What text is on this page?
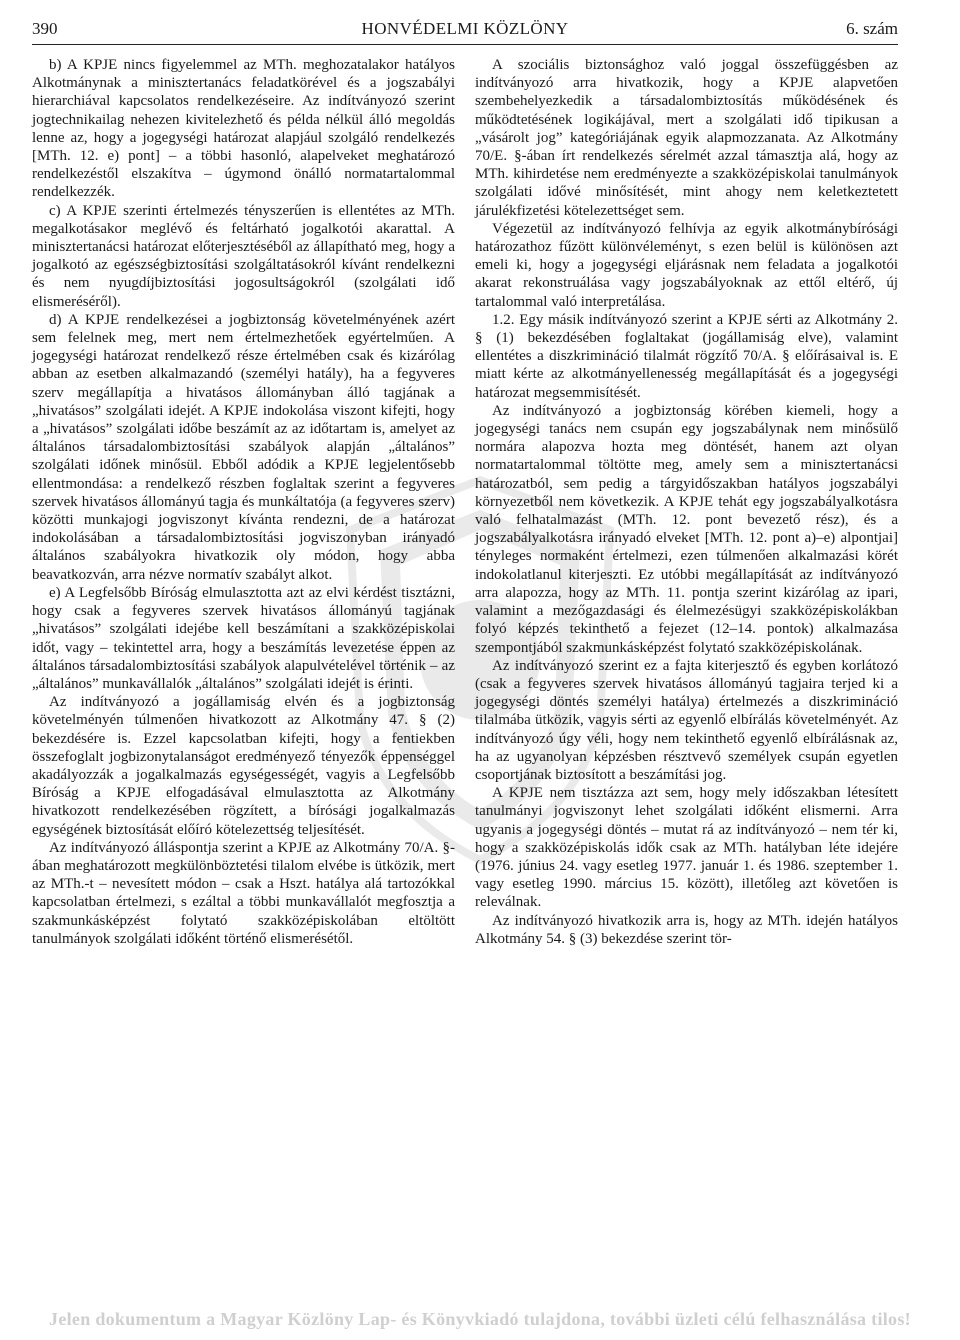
390	HONVÉDELMI KÖZLÖNY	6. szám

b) A KPJE nincs figyelemmel az MTh. meghozatalakor hatályos Alkotmánynak a minisztertanács feladatkörével és a jogszabályi hierarchiával kapcsolatos rendelkezéseire. Az indítványozó szerint jogtechnikailag nehezen kivitelezhető és példa nélkül álló megoldás lenne az, hogy a jogegységi határozat alapjául szolgáló rendelkezés [MTh. 12. e) pont] – a többi hasonló, alapelveket meghatározó rendelkezéstől elszakítva – úgymond önálló normatartalommal rendelkezzék.

c) A KPJE szerinti értelmezés tényszerűen is ellentétes az MTh. megalkotásakor meglévő és feltárható jogalkotói akarattal. A minisztertanácsi határozat előterjesztéséből az állapítható meg, hogy a jogalkotó az egészségbiztosítási szolgáltatásokról kívánt rendelkezni és nem nyugdíjbiztosítási jogosultságokról (szolgálati idő elismeréséről).

d) A KPJE rendelkezései a jogbiztonság követelményének azért sem felelnek meg, mert nem értelmezhetőek egyértelműen. A jogegységi határozat rendelkező része értelmében csak és kizárólag abban az esetben alkalmazandó (személyi hatály), ha a fegyveres szerv megállapítja a hivatásos állományban álló tagjának a „hivatásos” szolgálati idejét. A KPJE indokolása viszont kifejti, hogy a „hivatásos” szolgálati időbe beszámít az az időtartam is, amelyet az általános társadalombiztosítási szabályok alapján „általános” szolgálati időnek minősül. Ebből adódik a KPJE legjelentősebb ellentmondása: a rendelkező részben foglaltak szerint a fegyveres szervek hivatásos állományú tagja és munkáltatója (a fegyveres szerv) közötti munkajogi jogviszonyt kívánta rendezni, de a határozat indokolásában a társadalombiztosítási jogviszonyban irányadó általános szabályokra hivatkozik oly módon, hogy abba beavatkozván, arra nézve normatív szabályt alkot.

e) A Legfelsőbb Bíróság elmulasztotta azt az elvi kérdést tisztázni, hogy csak a fegyveres szervek hivatásos állományú tagjának „hivatásos” szolgálati idejébe kell beszámítani a szakközépiskolai időt, vagy – tekintettel arra, hogy a beszámítás levezetése éppen az általános társadalombiztosítási szabályok alapulvételével történik – az „általános” munkavállalók „általános” szolgálati idejét is érinti.

Az indítványozó a jogállamiság elvén és a jogbiztonság követelményén túlmenően hivatkozott az Alkotmány 47. § (2) bekezdésére is. Ezzel kapcsolatban kifejti, hogy a fentiekben összefoglalt jogbizonytalanságot eredményező tényezők éppenséggel akadályozzák a jogalkalmazás egységességét, vagyis a Legfelsőbb Bíróság a KPJE elfogadásával elmulasztotta az Alkotmány hivatkozott rendelkezésében rögzített, a bírósági jogalkalmazás egységének biztosítását előíró kötelezettség teljesítését.

Az indítványozó álláspontja szerint a KPJE az Alkotmány 70/A. §-ában meghatározott megkülönböztetési tilalom elvébe is ütközik, mert az MTh.-t – nevesített módon – csak a Hszt. hatálya alá tartozókkal kapcsolatban értelmezi, s ezáltal a többi munkavállalót megfosztja a szakmunkásképzést folytató szakközépiskolában eltöltött tanulmányok szolgálati időként történő elismerésétől.

A szociális biztonsághoz való joggal összefüggésben az indítványozó arra hivatkozik, hogy a KPJE alapvetően szembehelyezkedik a társadalombiztosítás működésének és működtetésének logikájával, mert a szolgálati idő tipikusan a „vásárolt jog” kategóriájának egyik alapmozzanata. Az Alkotmány 70/E. §-ában írt rendelkezés sérelmét azzal támasztja alá, hogy az MTh. kihirdetése nem eredményezte a szakközépiskolai tanulmányok szolgálati idővé minősítését, mint ahogy nem keletkeztetett járulékfizetési kötelezettséget sem.

Végezetül az indítványozó felhívja az egyik alkotmánybírósági határozathoz fűzött különvéleményt, s ezen belül is különösen azt emeli ki, hogy a jogegységi eljárásnak nem feladata a jogalkotói akarat rekonstruálása vagy jogszabályoknak az ettől eltérő, új tartalommal való interpretálása.

1.2. Egy másik indítványozó szerint a KPJE sérti az Alkotmány 2. § (1) bekezdésében foglaltakat (jogállamiság elve), valamint ellentétes a diszkrimináció tilalmát rögzítő 70/A. § előírásaival is. E miatt kérte az alkotmányellenesség megállapítását és a jogegységi határozat megsemmisítését.

Az indítványozó a jogbiztonság körében kiemeli, hogy a jogegységi tanács nem csupán egy jogszabálynak nem minősülő normára alapozva hozta meg döntését, hanem azt olyan normatartalommal töltötte meg, amely sem a minisztertanácsi határozatból, sem pedig a tárgyidőszakban hatályos jogszabályi környezetből nem következik. A KPJE tehát egy jogszabályalkotásra való felhatalmazást (MTh. 12. pont bevezető rész), és a jogszabályalkotásra irányadó elveket [MTh. 12. pont a)–e) alpontjai] tényleges normaként értelmezi, ezen túlmenően alkalmazási körét indokolatlanul kiterjeszti. Ez utóbbi megállapítását az indítványozó arra alapozza, hogy az MTh. 11. pontja szerint kizárólag az ipari, valamint a mezőgazdasági és élelmezésügyi szakközépiskolákban folyó képzés tekinthető a fejezet (12–14. pontok) alkalmazása szempontjából szakmunkásképzést folytató szakközépiskolának.

Az indítványozó szerint ez a fajta kiterjesztő és egyben korlátozó (csak a fegyveres szervek hivatásos állományú tagjaira terjed ki a jogegységi döntés személyi hatálya) értelmezés a diszkrimináció tilalmába ütközik, vagyis sérti az egyenlő elbírálás követelményét. Az indítványozó úgy véli, hogy nem tekinthető egyenlő elbírálásnak az, ha az ugyanolyan képzésben résztvevő személyek csupán egyetlen csoportjának biztosított a beszámítási jog.

A KPJE nem tisztázza azt sem, hogy mely időszakban létesített tanulmányi jogviszonyt lehet szolgálati időként elismerni. Arra ugyanis a jogegységi döntés – mutat rá az indítványozó – nem tér ki, hogy a szakközépiskolás idők csak az MTh. hatályban léte idejére (1976. június 24. vagy esetleg 1977. január 1. és 1986. szeptember 1. vagy esetleg 1990. március 15. között), illetőleg azt követően is releválnak.

Az indítványozó hivatkozik arra is, hogy az MTh. idején hatályos Alkotmány 54. § (3) bekezdése szerint tör-

Jelen dokumentum a Magyar Közlöny Lap- és Könyvkiadó tulajdona, további üzleti célú felhasználása tilos!
